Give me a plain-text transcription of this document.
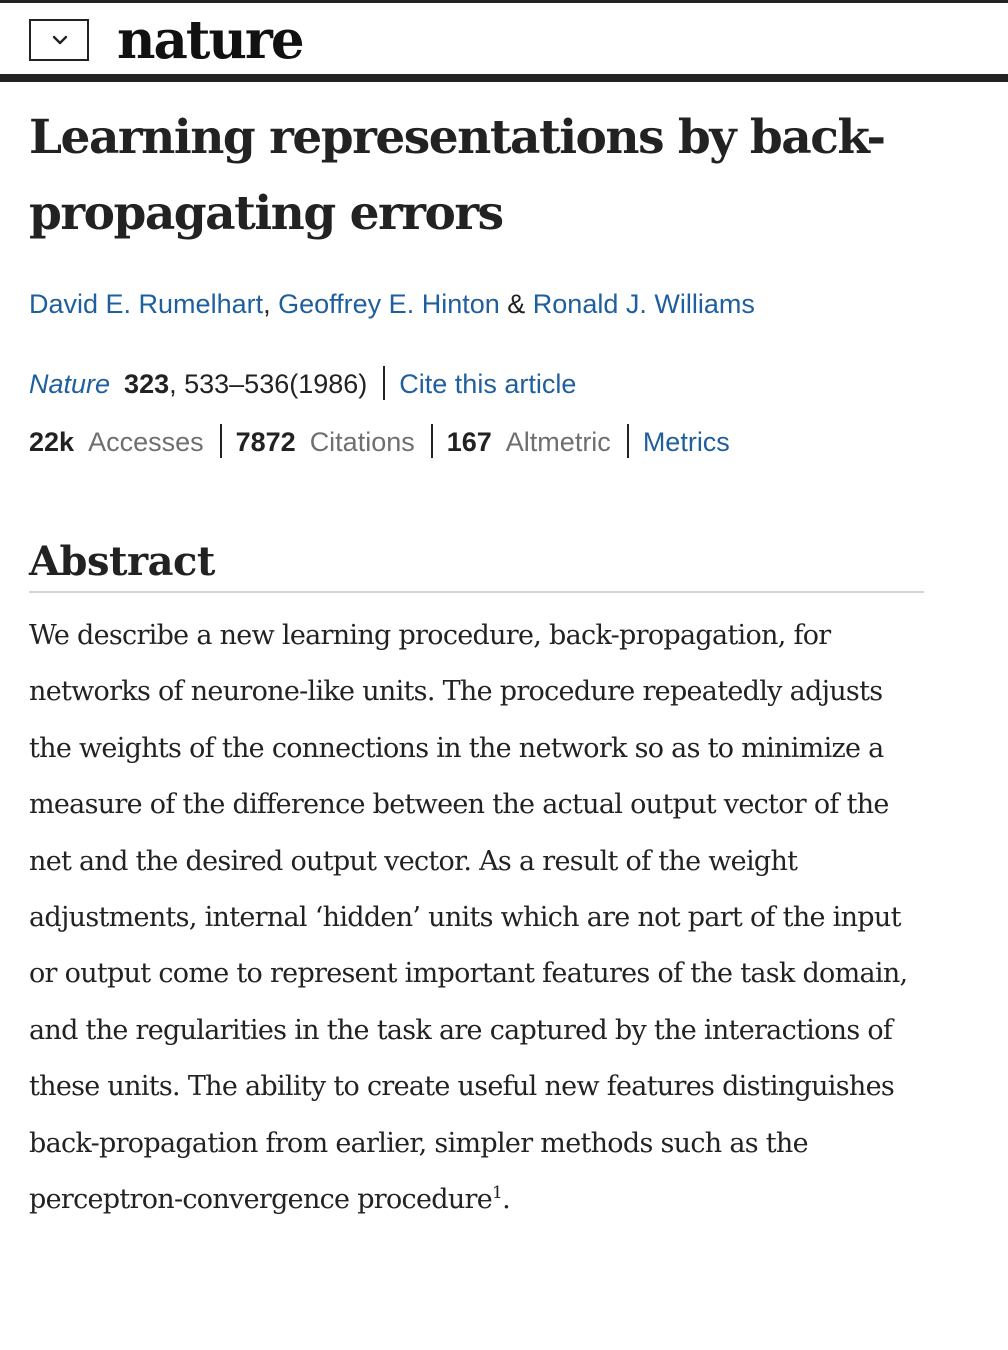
nature
Learning representations by back-propagating errors
David E. Rumelhart, Geoffrey E. Hinton & Ronald J. Williams
Nature 323, 533–536(1986) Cite this article
22k Accesses 7872 Citations 167 Altmetric Metrics
Abstract

We describe a new learning procedure, back-propagation, for networks of neurone-like units. The procedure repeatedly adjusts the weights of the connections in the network so as to minimize a measure of the difference between the actual output vector of the net and the desired output vector. As a result of the weight adjustments, internal ‘hidden’ units which are not part of the input or output come to represent important features of the task domain, and the regularities in the task are captured by the interactions of these units. The ability to create useful new features distinguishes back-propagation from earlier, simpler methods such as the perceptron-convergence procedure$^1$.
